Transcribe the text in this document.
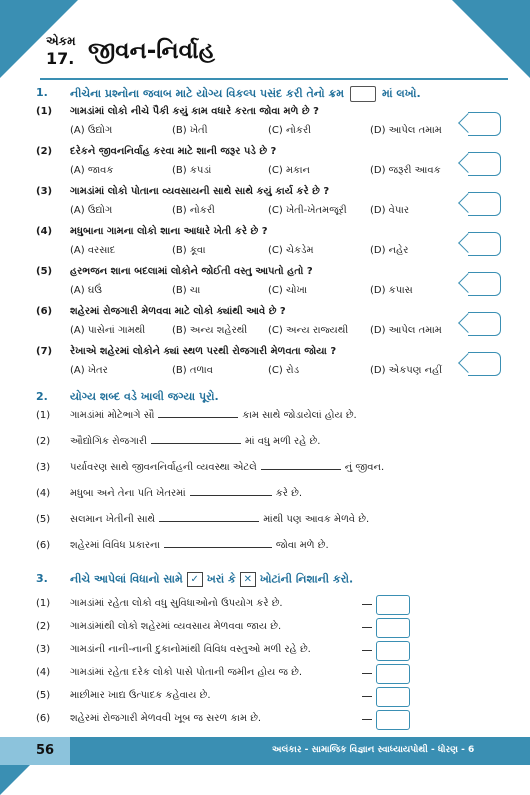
એકમ
17. જીવન-નિર્વાહ
1. નીચેના પ્રશ્નોના જવાબ માટે યોગ્ય વિકલ્પ પસંદ કરી તેનો ક્રમ	માં લખો.
(1) ગામડાંમાં લોકો નીચે પૈકી કયું કામ વધારે કરતા જોવા મળે છે ?
(A) ઉદ્યોગ	(B) ખેતી	(C) નોકરી	(D) આપેલ તમામ
(2) દરેકને જીવનનિર્વાહ કરવા માટે શાની જરૂર પડે છે ?
(A) જાવક	(B) કપડાં	(C) મકાન	(D) જરૂરી આવક
(3) ગામડાંમાં લોકો પોતાના વ્યવસાયની સાથે સાથે કયું કાર્ય કરે છે ?
(A) ઉદ્યોગ	(B) નોકરી	(C) ખેતી-ખેતમજૂરી (D) વેપાર
(4) મધુબાના ગામના લોકો શાના આધારે ખેતી કરે છે ?
(A) વરસાદ	(B) કૂવા	(C) ચેકડેમ	(D) નહેર
(5) હરભજન શાના બદલામાં લોકોને જોઈતી વસ્તુ આપતો હતો ?
(A) ઘઉં	(B) ચા	(C) ચોખા	(D) કપાસ
(6) શહેરમાં રોજગારી મેળવવા માટે લોકો ક્યાંથી આવે છે ?
(A) પાસેનાં ગામથી	(B) અન્ય શહેરથી (C) અન્ય રાજ્યથી (D) આપેલ તમામ
(7) રેખાએ શહેરમાં લોકોને ક્યાં સ્થળ પરથી રોજગારી મેળવતા જોયા ?
(A) ખેતર	(B) તળાવ	(C) રોડ	(D) એકપણ નહીં
2. યોગ્ય શબ્દ વડે ખાલી જગ્યા પૂરો.
(1) ગામડાંમાં મોટેભાગે સૌ	કામ સાથે જોડાયેલાં હોય છે.
(2) ઔદ્યોગિક રોજગારી	માં વધુ મળી રહે છે.
(3) પર્યાવરણ સાથે જીવનનિર્વાહની વ્યવસ્થા એટલે	નું જીવન.
(4) મધુબા અને તેના પતિ ખેતરમાં	કરે છે.
(5) સલમાન ખેતીની સાથે	માંથી પણ આવક મેળવે છે.
(6) શહેરમાં વિવિધ પ્રકારના	જોવા મળે છે.
3. નીચે આપેલાં વિધાનો સામે ✓ ખરાં કે ✕ ખોટાંની નિશાની કરો.
(1) ગામડાંમાં રહેતા લોકો વધુ સુવિધાઓનો ઉપયોગ કરે છે.
(2) ગામડાંમાંથી લોકો શહેરમાં વ્યવસાય મેળવવા જાય છે.
(3) ગામડાંની નાની-નાની દુકાનોમાંથી વિવિધ વસ્તુઓ મળી રહે છે.
(4) ગામડાંમાં રહેતા દરેક લોકો પાસે પોતાની જમીન હોય જ છે.
(5) માછીમાર ખાદ્ય ઉત્પાદક કહેવાય છે.
(6) શહેરમાં રોજગારી મેળવવી ખૂબ જ સરળ કામ છે.
56	અલંકાર - સામાજિક વિજ્ઞાન સ્વાધ્યાયપોથી - ધોરણ - 6
